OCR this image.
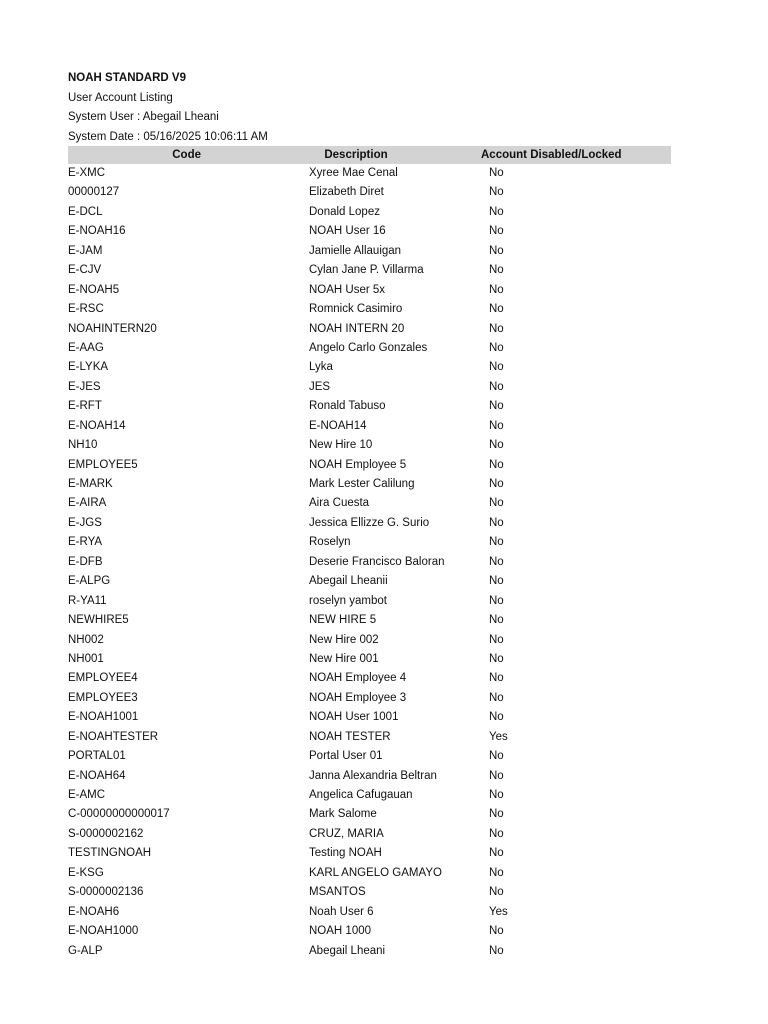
NOAH STANDARD V9
User Account Listing
System User : Abegail Lheani
System Date : 05/16/2025 10:06:11 AM
Code	Description	Account Disabled/Locked
E-XMC	Xyree Mae Cenal	No
00000127	Elizabeth Diret	No
E-DCL	Donald Lopez	No
E-NOAH16	NOAH User 16	No
E-JAM	Jamielle Allauigan	No
E-CJV	Cylan Jane P. Villarma	No
E-NOAH5	NOAH User 5x	No
E-RSC	Romnick Casimiro	No
NOAHINTERN20	NOAH INTERN 20	No
E-AAG	Angelo Carlo Gonzales	No
E-LYKA	Lyka	No
E-JES	JES	No
E-RFT	Ronald Tabuso	No
E-NOAH14	E-NOAH14	No
NH10	New Hire 10	No
EMPLOYEE5	NOAH Employee 5	No
E-MARK	Mark Lester Calilung	No
E-AIRA	Aira Cuesta	No
E-JGS	Jessica Ellizze G. Surio	No
E-RYA	Roselyn	No
E-DFB	Deserie Francisco Baloran	No
E-ALPG	Abegail Lheanii	No
R-YA11	roselyn yambot	No
NEWHIRE5	NEW HIRE 5	No
NH002	New Hire 002	No
NH001	New Hire 001	No
EMPLOYEE4	NOAH Employee 4	No
EMPLOYEE3	NOAH Employee 3	No
E-NOAH1001	NOAH User 1001	No
E-NOAHTESTER	NOAH TESTER	Yes
PORTAL01	Portal User 01	No
E-NOAH64	Janna Alexandria Beltran	No
E-AMC	Angelica Cafugauan	No
C-00000000000017	Mark Salome	No
S-0000002162	CRUZ, MARIA	No
TESTINGNOAH	Testing NOAH	No
E-KSG	KARL ANGELO GAMAYO	No
S-0000002136	MSANTOS	No
E-NOAH6	Noah User 6	Yes
E-NOAH1000	NOAH 1000	No
G-ALP	Abegail Lheani	No
